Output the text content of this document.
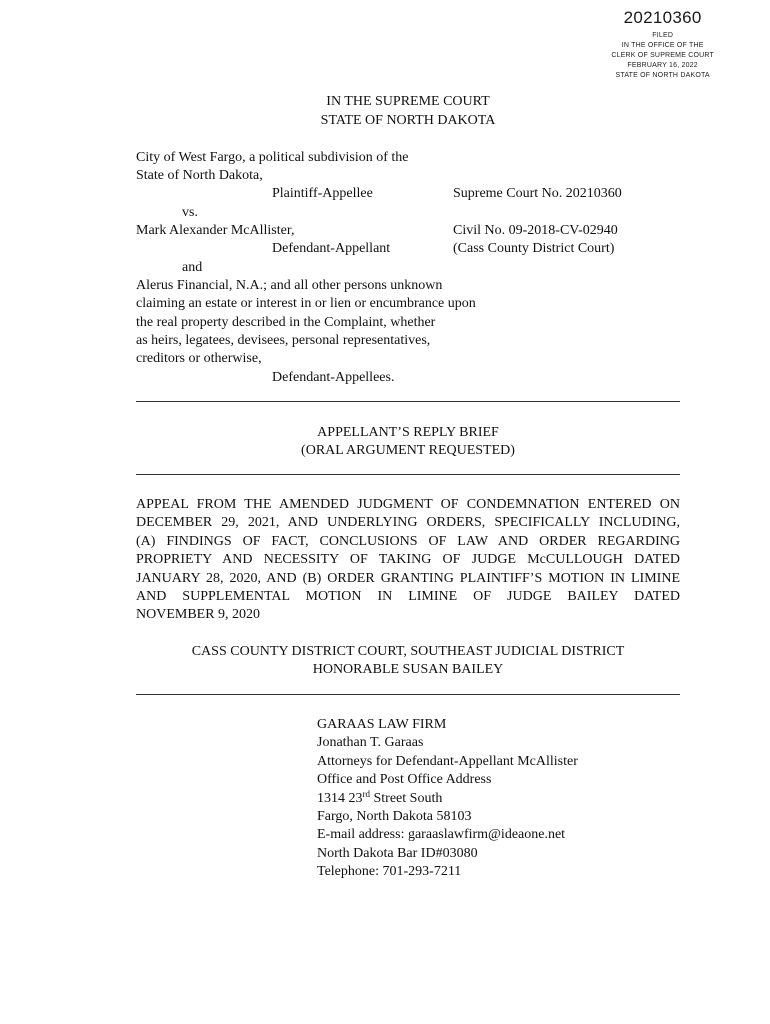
20210360
FILED
IN THE OFFICE OF THE
CLERK OF SUPREME COURT
FEBRUARY 16, 2022
STATE OF NORTH DAKOTA
IN THE SUPREME COURT
STATE OF NORTH DAKOTA
City of West Fargo, a political subdivision of the
State of North Dakota,
Plaintiff-Appellee	Supreme Court No. 20210360
vs.
Mark Alexander McAllister,	Civil No. 09-2018-CV-02940
Defendant-Appellant	(Cass County District Court)
and
Alerus Financial, N.A.; and all other persons unknown
claiming an estate or interest in or lien or encumbrance upon
the real property described in the Complaint, whether
as heirs, legatees, devisees, personal representatives,
creditors or otherwise,
Defendant-Appellees.
APPELLANT’S REPLY BRIEF
(ORAL ARGUMENT REQUESTED)
APPEAL FROM THE AMENDED JUDGMENT OF CONDEMNATION ENTERED ON
DECEMBER 29, 2021, AND UNDERLYING ORDERS, SPECIFICALLY INCLUDING,
(A) FINDINGS OF FACT, CONCLUSIONS OF LAW AND ORDER REGARDING
PROPRIETY AND NECESSITY OF TAKING OF JUDGE McCULLOUGH DATED
JANUARY 28, 2020, AND (B) ORDER GRANTING PLAINTIFF’S MOTION IN LIMINE
AND SUPPLEMENTAL MOTION IN LIMINE OF JUDGE BAILEY DATED
NOVEMBER 9, 2020
CASS COUNTY DISTRICT COURT, SOUTHEAST JUDICIAL DISTRICT
HONORABLE SUSAN BAILEY
GARAAS LAW FIRM
Jonathan T. Garaas
Attorneys for Defendant-Appellant McAllister
Office and Post Office Address
1314 23rd Street South
Fargo, North Dakota 58103
E-mail address: garaaslawfirm@ideaone.net
North Dakota Bar ID#03080
Telephone: 701-293-7211
